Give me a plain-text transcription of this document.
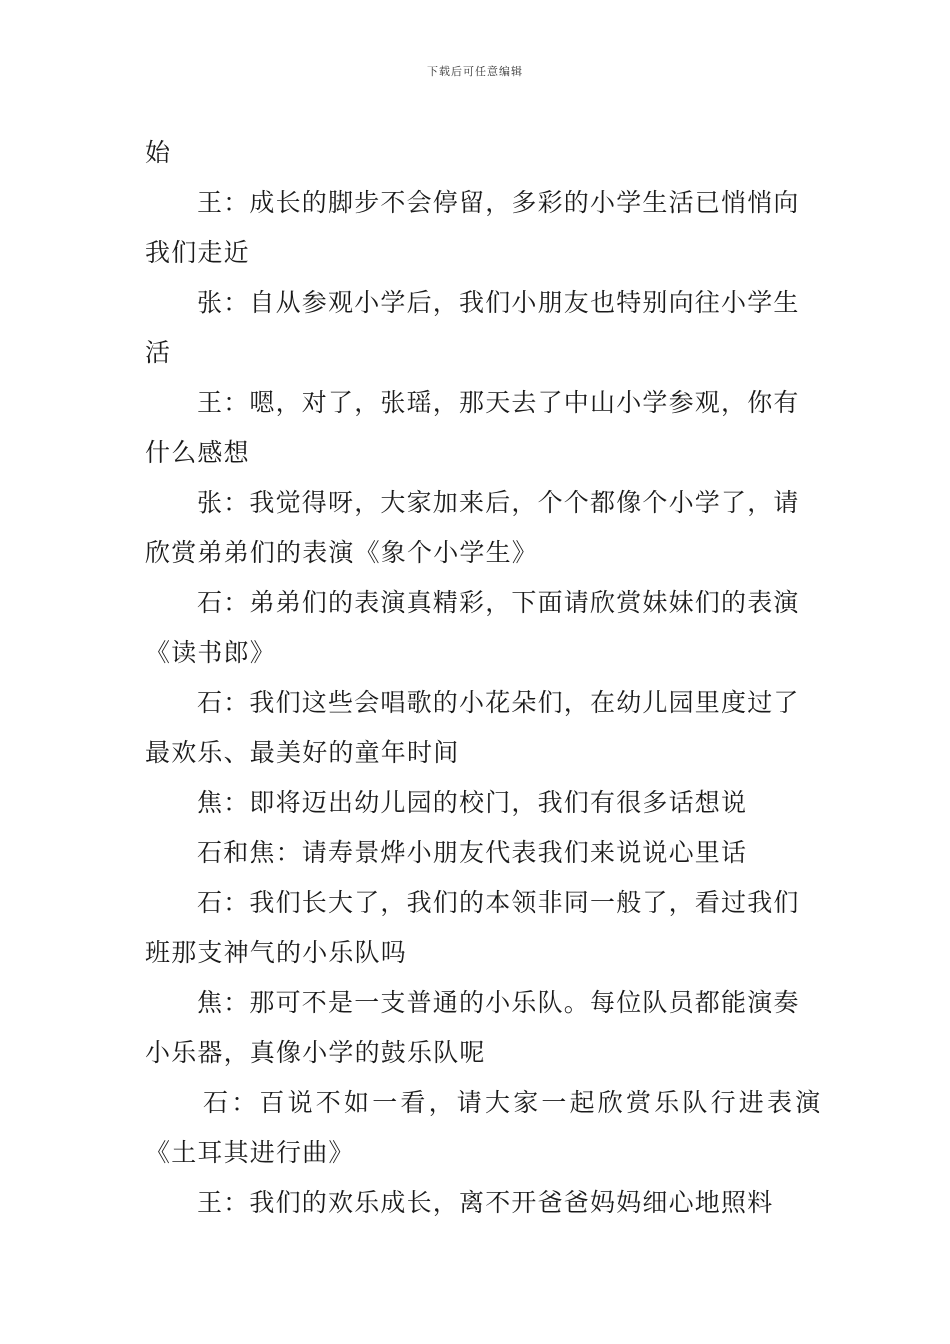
下载后可任意编辑
始
王：成长的脚步不会停留，多彩的小学生活已悄悄向
我们走近
张：自从参观小学后，我们小朋友也特别向往小学生
活
王：嗯，对了，张瑶，那天去了中山小学参观，你有
什么感想
张：我觉得呀，大家加来后，个个都像个小学了，请
欣赏弟弟们的表演《象个小学生》
石：弟弟们的表演真精彩，下面请欣赏妹妹们的表演
《读书郎》
石：我们这些会唱歌的小花朵们，在幼儿园里度过了
最欢乐、最美好的童年时间
焦：即将迈出幼儿园的校门，我们有很多话想说
石和焦：请寿景烨小朋友代表我们来说说心里话
石：我们长大了，我们的本领非同一般了，看过我们
班那支神气的小乐队吗
焦：那可不是一支普通的小乐队。每位队员都能演奏
小乐器，真像小学的鼓乐队呢
石：百说不如一看，请大家一起欣赏乐队行进表演
《土耳其进行曲》
王：我们的欢乐成长，离不开爸爸妈妈细心地照料
